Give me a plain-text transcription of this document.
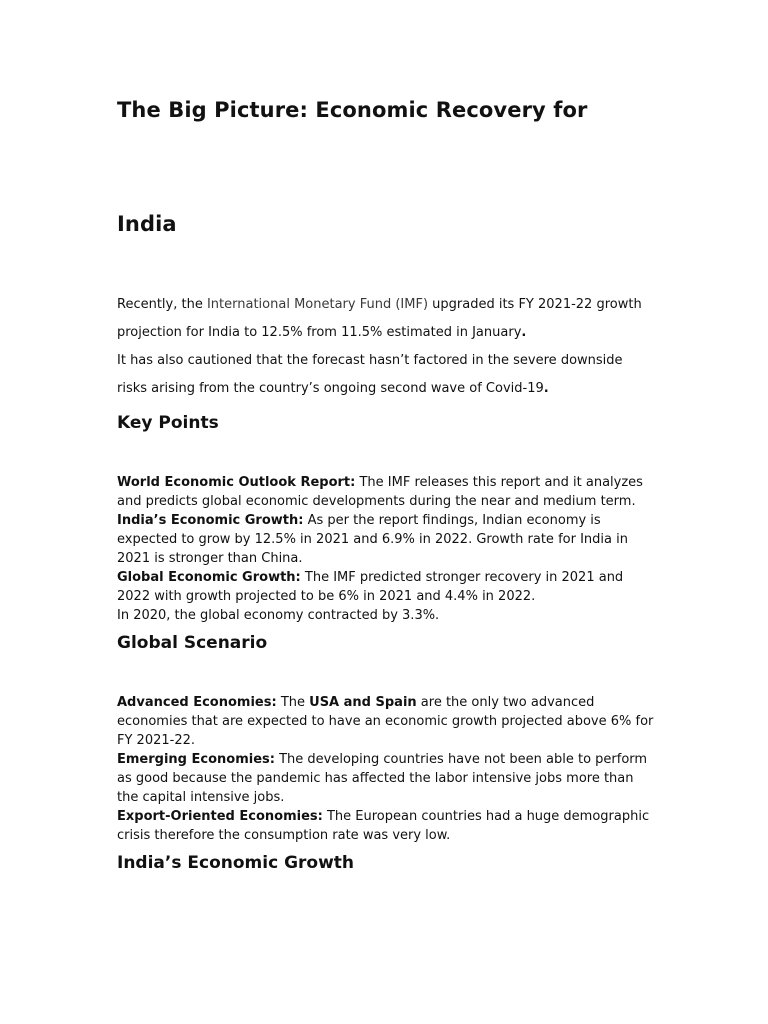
The Big Picture: Economic Recovery for
India

Recently, the International Monetary Fund (IMF) upgraded its FY 2021-22 growth

projection for India to 12.5% from 11.5% estimated in January.

It has also cautioned that the forecast hasn’t factored in the severe downside

risks arising from the country’s ongoing second wave of Covid-19.

Key Points

World Economic Outlook Report: The IMF releases this report and it analyzes and predicts global economic developments during the near and medium term.

India’s Economic Growth: As per the report findings, Indian economy is expected to grow by 12.5% in 2021 and 6.9% in 2022. Growth rate for India in 2021 is stronger than China.

Global Economic Growth: The IMF predicted stronger recovery in 2021 and 2022 with growth projected to be 6% in 2021 and 4.4% in 2022.

In 2020, the global economy contracted by 3.3%.

Global Scenario

Advanced Economies: The USA and Spain are the only two advanced economies that are expected to have an economic growth projected above 6% for FY 2021-22.

Emerging Economies: The developing countries have not been able to perform as good because the pandemic has affected the labor intensive jobs more than the capital intensive jobs.

Export-Oriented Economies: The European countries had a huge demographic crisis therefore the consumption rate was very low.

India’s Economic Growth
